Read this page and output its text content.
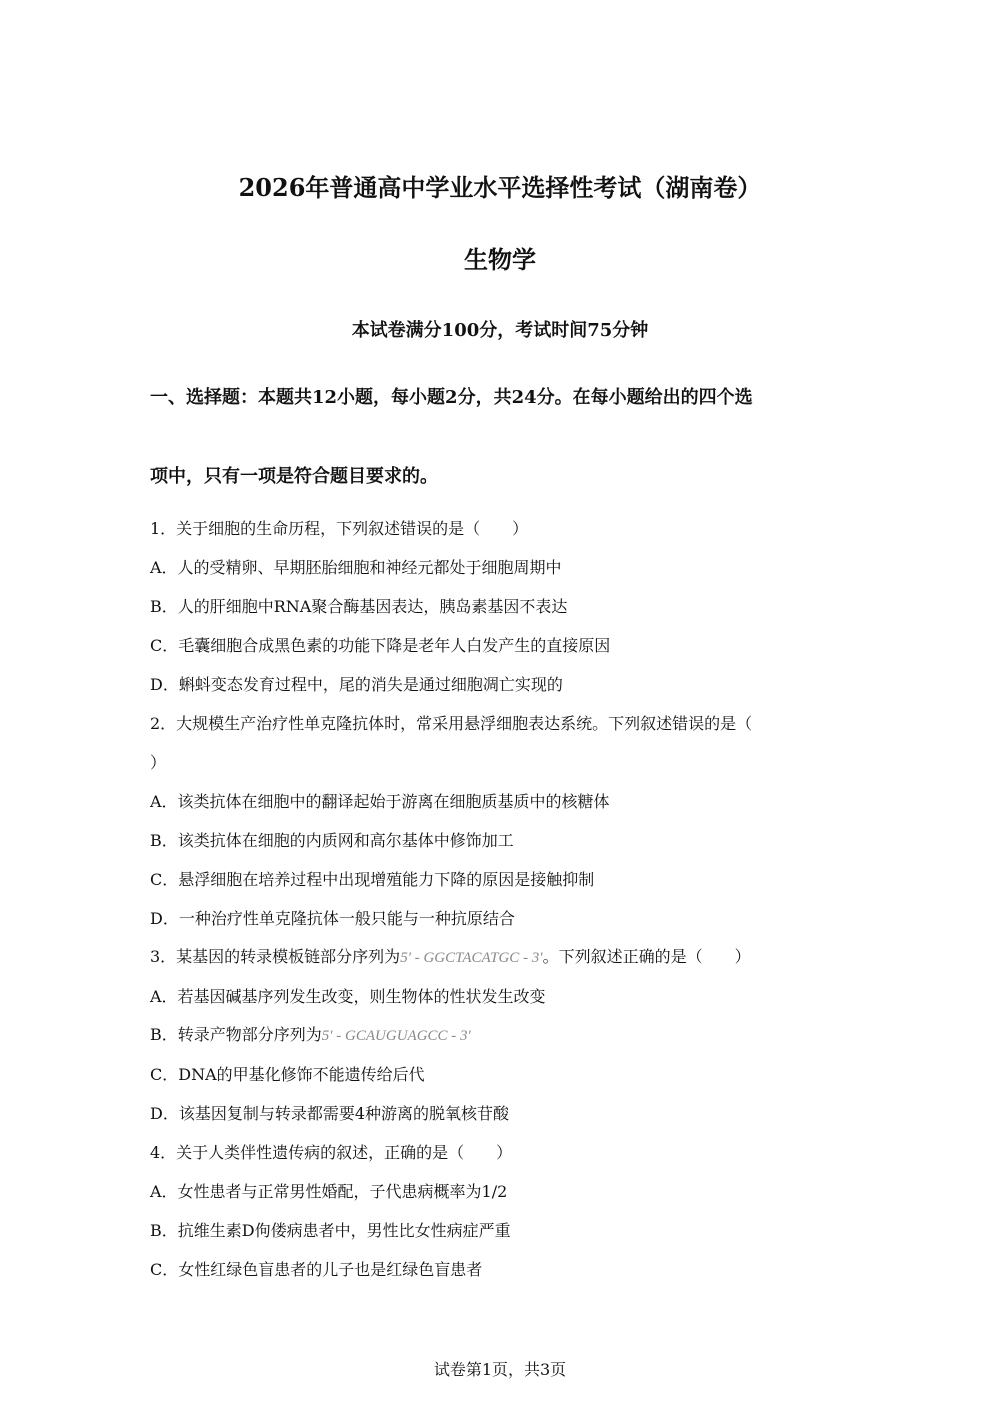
2026年普通高中学业水平选择性考试（湖南卷）
生物学
本试卷满分100分，考试时间75分钟
一、选择题：本题共12小题，每小题2分，共24分。在每小题给出的四个选
项中，只有一项是符合题目要求的。
1．关于细胞的生命历程，下列叙述错误的是（　　）
A．人的受精卵、早期胚胎细胞和神经元都处于细胞周期中
B．人的肝细胞中RNA聚合酶基因表达，胰岛素基因不表达
C．毛囊细胞合成黑色素的功能下降是老年人白发产生的直接原因
D．蝌蚪变态发育过程中，尾的消失是通过细胞凋亡实现的
2．大规模生产治疗性单克隆抗体时，常采用悬浮细胞表达系统。下列叙述错误的是（
）
A．该类抗体在细胞中的翻译起始于游离在细胞质基质中的核糖体
B．该类抗体在细胞的内质网和高尔基体中修饰加工
C．悬浮细胞在培养过程中出现增殖能力下降的原因是接触抑制
D．一种治疗性单克隆抗体一般只能与一种抗原结合
3．某基因的转录模板链部分序列为5′ - GGCTACATGC - 3′。下列叙述正确的是（　　）
A．若基因碱基序列发生改变，则生物体的性状发生改变
B．转录产物部分序列为5′ - GCAUGUAGCC - 3′
C．DNA的甲基化修饰不能遗传给后代
D．该基因复制与转录都需要4种游离的脱氧核苷酸
4．关于人类伴性遗传病的叙述，正确的是（　　）
A．女性患者与正常男性婚配，子代患病概率为1/2
B．抗维生素D佝偻病患者中，男性比女性病症严重
C．女性红绿色盲患者的儿子也是红绿色盲患者
试卷第1页，共3页
